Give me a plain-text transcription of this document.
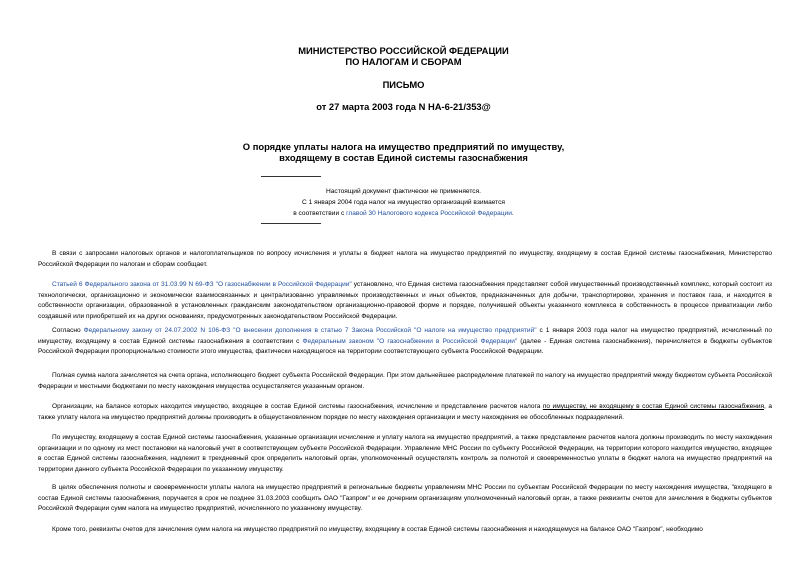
МИНИСТЕРСТВО РОССИЙСКОЙ ФЕДЕРАЦИИ
ПО НАЛОГАМ И СБОРАМ
ПИСЬМО
от 27 марта 2003 года N НА-6-21/353@
О порядке уплаты налога на имущество предприятий по имуществу,
входящему в состав Единой системы газоснабжения
Настоящий документ фактически не применяется.
С 1 января 2004 года налог на имущество организаций взимается
в соответствии с главой 30 Налогового кодекса Российской Федерации.
В связи с запросами налоговых органов и налогоплательщиков по вопросу исчисления и уплаты в бюджет налога на имущество предприятий по имуществу, входящему в состав Единой системы газоснабжения, Министерство Российской Федерации по налогам и сборам сообщает.
Статьей 6 Федерального закона от 31.03.99 N 69-ФЗ "О газоснабжении в Российской Федерации" установлено, что Единая система газоснабжения представляет собой имущественный производственный комплекс, который состоит из технологически, организационно и экономически взаимосвязанных и централизованно управляемых производственных и иных объектов, предназначенных для добычи, транспортировки, хранения и поставок газа, и находится в собственности организации, образованной в установленных гражданским законодательством организационно-правовой форме и порядке, получившей объекты указанного комплекса в собственность в процессе приватизации либо создавшей или приобретшей их на других основаниях, предусмотренных законодательством Российской Федерации.
Согласно Федеральному закону от 24.07.2002 N 106-ФЗ "О внесении дополнения в статью 7 Закона Российской "О налоге на имущество предприятий" с 1 января 2003 года налог на имущество предприятий, исчисленный по имуществу, входящему в состав Единой системы газоснабжения в соответствии с Федеральным законом "О газоснабжении в Российской Федерации" (далее - Единая система газоснабжения), перечисляется в бюджеты субъектов Российской Федерации пропорционально стоимости этого имущества, фактически находящегося на территории соответствующего субъекта Российской Федерации.
Полная сумма налога зачисляется на счета органа, исполняющего бюджет субъекта Российской Федерации. При этом дальнейшее распределение платежей по налогу на имущество предприятий между бюджетом субъекта Российской Федерации и местными бюджетами по месту нахождения имущества осуществляется указанным органом.
Организации, на балансе которых находится имущество, входящее в состав Единой системы газоснабжения, исчисление и представление расчетов налога по имуществу, не входящему в состав Единой системы газоснабжения, а также уплату налога на имущество предприятий должны производить в общеустановленном порядке по месту нахождения организации и месту нахождения ее обособленных подразделений.
По имуществу, входящему в состав Единой системы газоснабжения, указанные организации исчисление и уплату налога на имущество предприятий, а также представление расчетов налога должны производить по месту нахождения организации и по одному из мест постановки на налоговый учет в соответствующем субъекте Российской Федерации. Управление МНС России по субъекту Российской Федерации, на территории которого находится имущество, входящее в состав Единой системы газоснабжения, надлежит в трехдневный срок определить налоговый орган, уполномоченный осуществлять контроль за полнотой и своевременностью уплаты в бюджет налога на имущество предприятий на территории данного субъекта Российской Федерации по указанному имуществу.
В целях обеспечения полноты и своевременности уплаты налога на имущество предприятий в региональные бюджеты управлениям МНС России по субъектам Российской Федерации по месту нахождения имущества, "входящего в состав Единой системы газоснабжения, поручается в срок не позднее 31.03.2003 сообщить ОАО "Газпром" и ее дочерним организациям уполномоченный налоговый орган, а также реквизиты счетов для зачисления в бюджеты субъектов Российской Федерации сумм налога на имущество предприятий, исчисленного по указанному имуществу.
Кроме того, реквизиты счетов для зачисления сумм налога на имущество предприятий по имуществу, входящему в состав Единой системы газоснабжения и находящемуся на балансе ОАО "Газпром", необходимо
